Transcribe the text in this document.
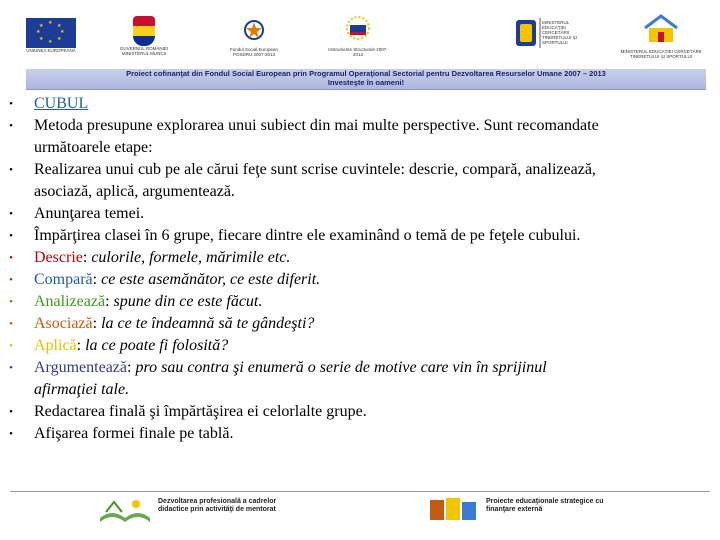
★
★
★
★
★
★
★
★
UNIUNEA EUROPEANĂ	GUVERNUL ROMÂNIEI MINISTERUL MUNCII
Fondul Social European POSDRU 2007-2013
Instrumente Structurale 2007-2013
MINISTERUL EDUCAŢIEI CERCETĂRII TINERETULUI ŞI SPORTULUI
MINISTERUL EDUCAŢIEI CERCETĂRII TINERETULUI ŞI SPORTULUI
Proiect cofinanţat din Fondul Social European prin Programul Operaţional Sectorial pentru Dezvoltarea Resurselor Umane 2007 – 2013
Investeşte în oameni!
•	CUBUL
•	Metoda presupune explorarea unui subiect din mai multe perspective. Sunt recomandate
următoarele etape:
•	Realizarea unui cub pe ale cărui feţe sunt scrise cuvintele: descrie, compară, analizează,
asociază, aplică, argumentează.
•	Anunţarea temei.
•	Împărţirea clasei în 6 grupe, fiecare dintre ele examinând o temă de pe feţele cubului.
•	Descrie: culorile, formele, mărimile etc.
•	Compară: ce este asemănător, ce este diferit.
•	Analizează: spune din ce este făcut.
•	Asociază: la ce te îndeamnă să te gândeşti?
•	Aplică: la ce poate fi folosită?
•	Argumentează: pro sau contra şi enumeră o serie de motive care vin în sprijinul
afirmaţiei tale.
•	Redactarea finală şi împărtăşirea ei celorlalte grupe.
•	Afişarea formei finale pe tablă.
Dezvoltarea profesională a cadrelor didactice prin activităţi de mentorat
Proiecte educaţionale strategice cu finanţare externă
